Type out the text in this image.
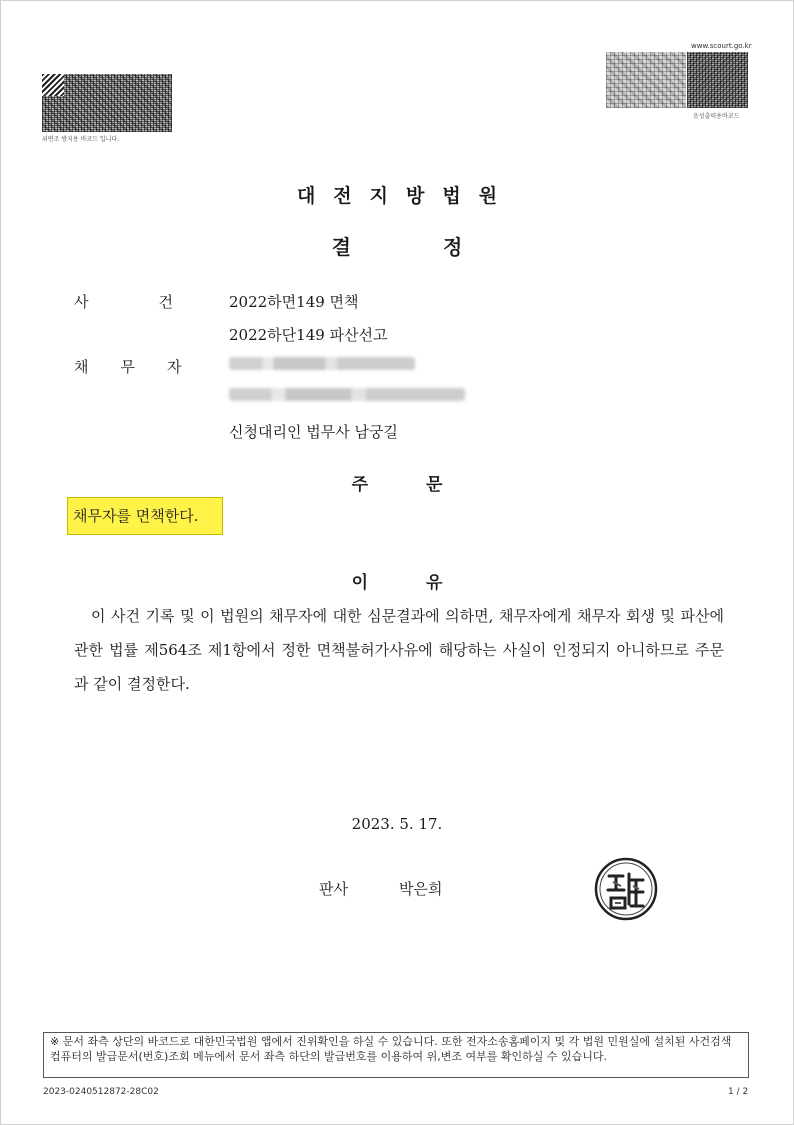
위변조 방지용 바코드 입니다.
www.scourt.go.kr
음성출력용바코드
대전지방법원
결정
사건
2022하면149 면책
2022하단149 파산선고
채무자
신청대리인 법무사 남궁길
주문
채무자를 면책한다.
이유
이 사건 기록 및 이 법원의 채무자에 대한 심문결과에 의하면, 채무자에게 채무자 회생 및 파산에 관한 법률 제564조 제1항에서 정한 면책불허가사유에 해당하는 사실이 인정되지 아니하므로 주문과 같이 결정한다.
2023. 5. 17.
판사	박은희
※ 문서 좌측 상단의 바코드로 대한민국법원 앱에서 진위확인을 하실 수 있습니다. 또한 전자소송홈페이지 및 각 법원 민원실에 설치된 사건검색 컴퓨터의 발급문서(번호)조회 메뉴에서 문서 좌측 하단의 발급번호를 이용하여 위,변조 여부를 확인하실 수 있습니다.
2023-0240512872-28C02	1 / 2
